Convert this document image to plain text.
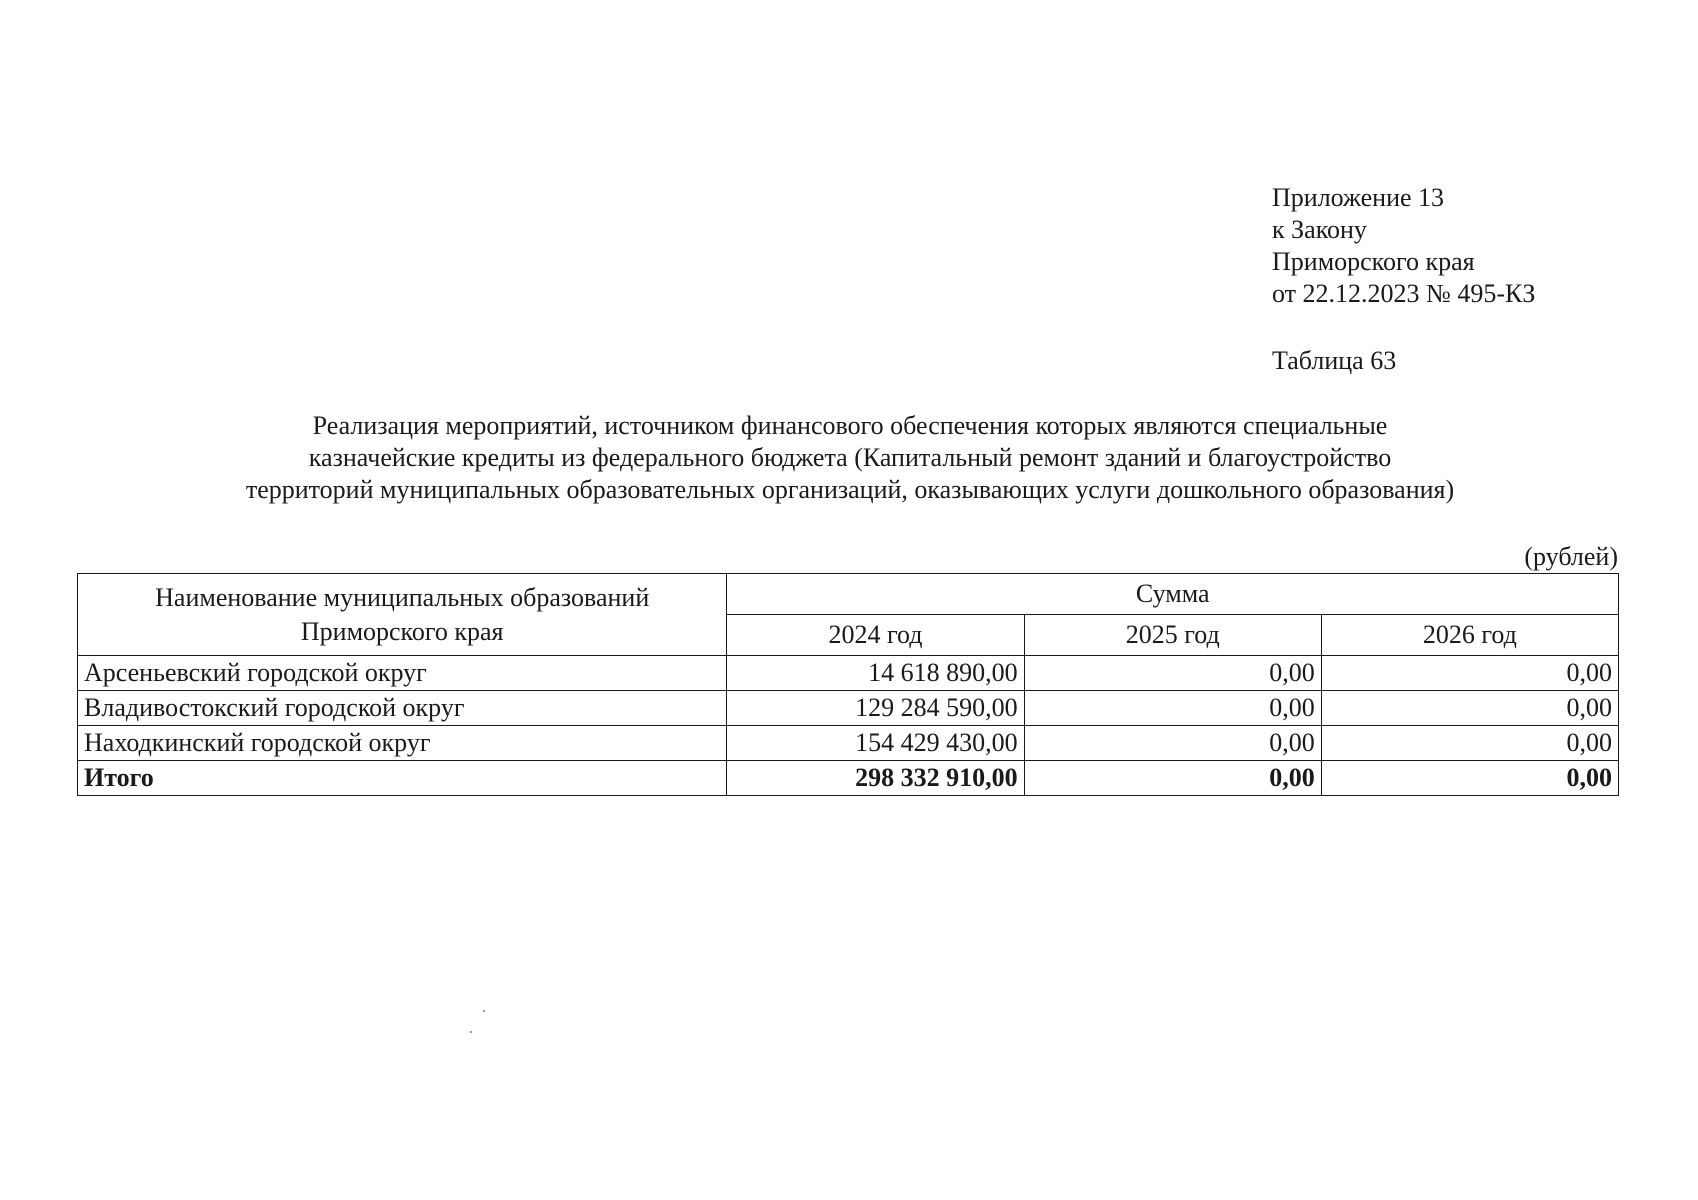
Приложение 13
к Закону
Приморского края
от 22.12.2023 № 495-КЗ
Таблица 63
Реализация мероприятий, источником финансового обеспечения которых являются специальные
казначейские кредиты из федерального бюджета (Капитальный ремонт зданий и благоустройство
территорий муниципальных образовательных организаций, оказывающих услуги дошкольного образования)
(рублей)
Наименование муниципальных образований
Приморского края	Сумма		
	2024 год	2025 год	2026 год
Арсеньевский городской округ	14 618 890,00	0,00	0,00
Владивостокский городской округ	129 284 590,00	0,00	0,00
Находкинский городской округ	154 429 430,00	0,00	0,00
Итого	298 332 910,00	0,00	0,00
